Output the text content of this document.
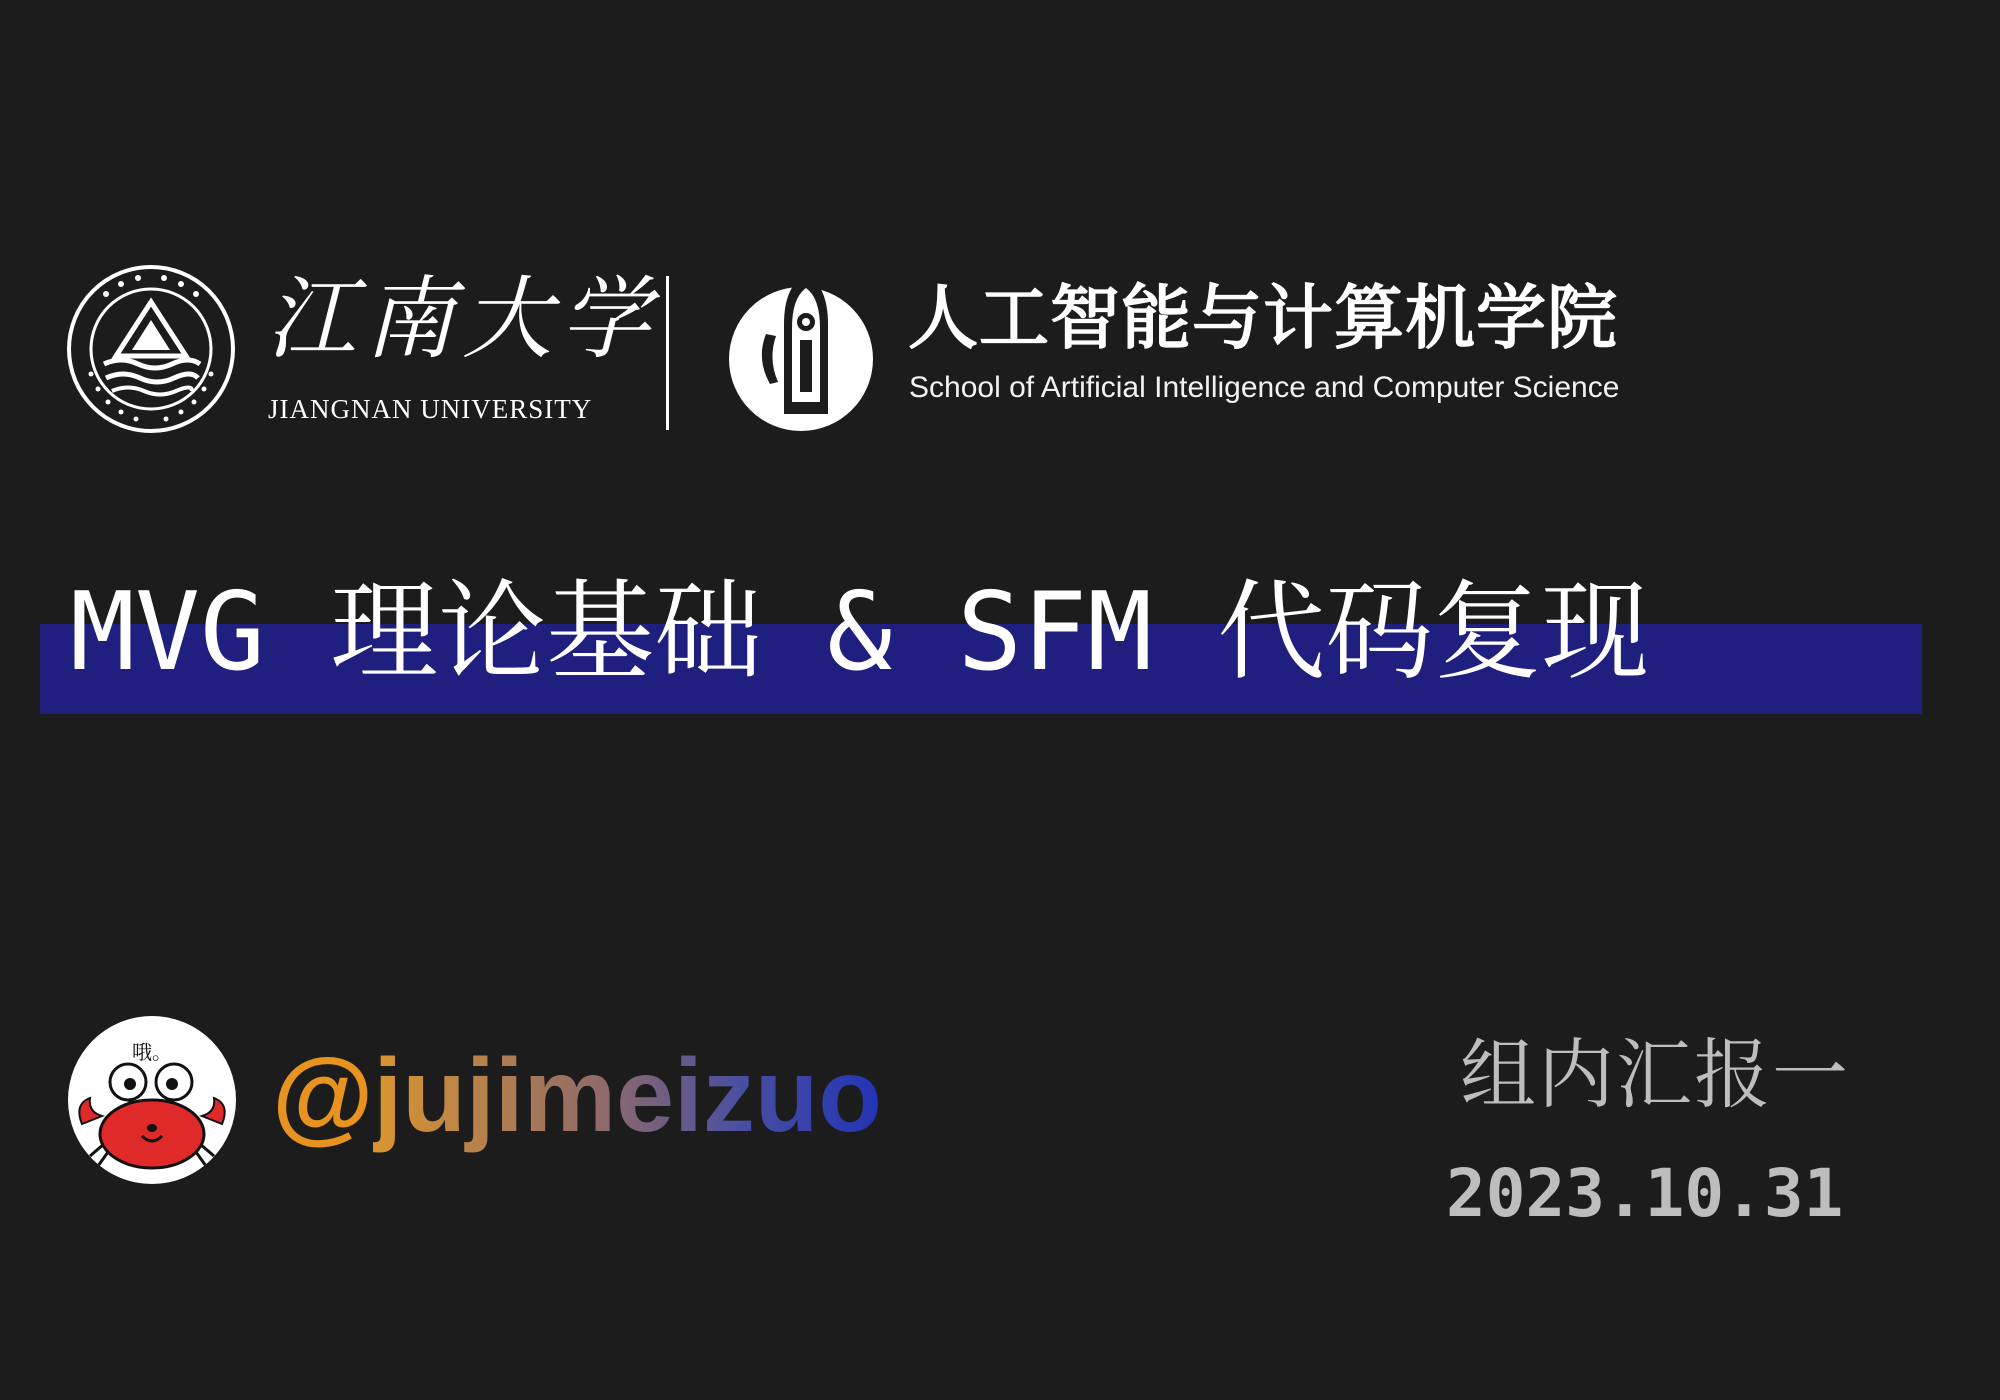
江南大学
JIANGNAN UNIVERSITY
人工智能与计算机学院
School of Artificial Intelligence and Computer Science
MVG 理论基础 & SFM 代码复现
哦。 @jujimeizuo	组内汇报一
2023.10.31
